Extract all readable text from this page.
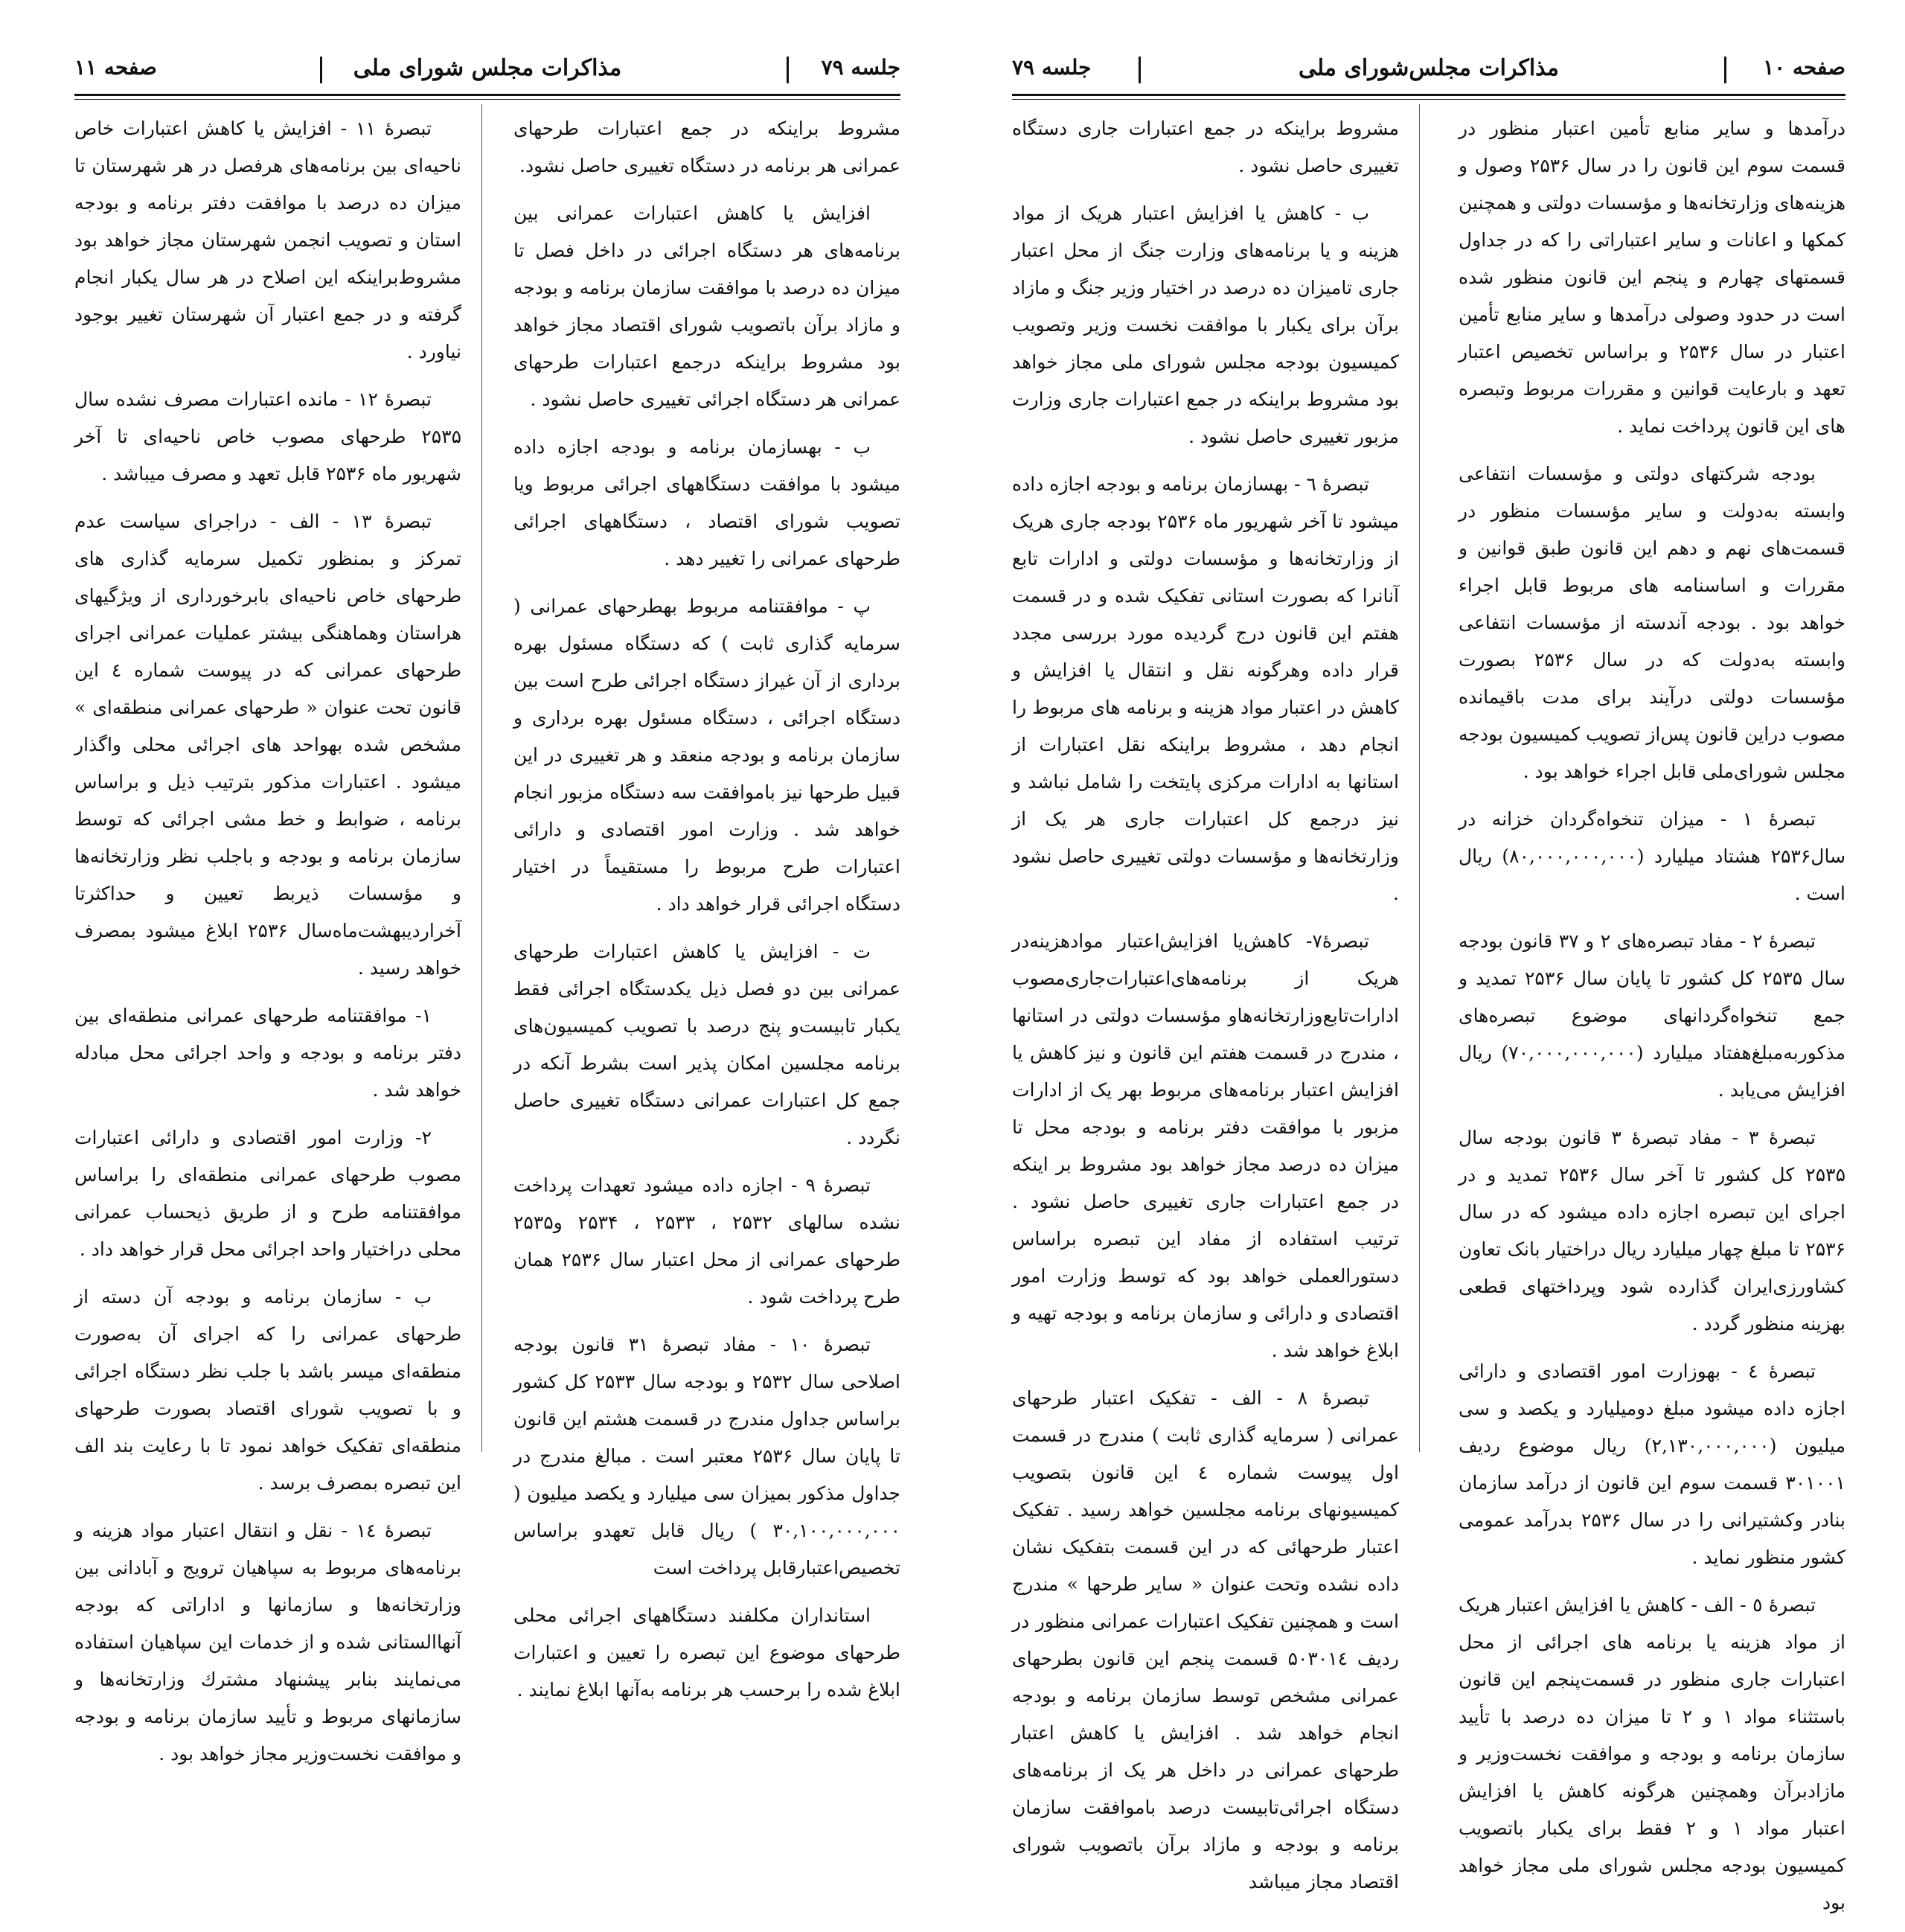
جلسه ۷۹
مذاکرات مجلس شورای ملی
صفحه ۱۱

مشروط براینکه در جمع اعتبارات طرحهای عمرانی هر برنامه در دستگاه تغییری حاصل نشود.

افزایش یا کاهش اعتبارات عمرانی بین برنامه‌های هر دستگاه اجرائی در داخل فصل تا میزان ده درصد با موافقت سازمان برنامه و بودجه و مازاد برآن باتصویب شورای اقتصاد مجاز خواهد بود مشروط براینکه درجمع اعتبارات طرحهای عمرانی هر دستگاه اجرائی تغییری حاصل نشود .

ب - بهسازمان برنامه و بودجه اجازه داده میشود با موافقت دستگاههای اجرائی مربوط ویا تصویب شورای اقتصاد ، دستگاههای اجرائی طرحهای عمرانی را تغییر دهد .

پ - موافقتنامه مربوط بهطرحهای عمرانی ( سرمایه گذاری ثابت ) که دستگاه مسئول بهره برداری از آن غیراز دستگاه اجرائی طرح است بین دستگاه اجرائی ، دستگاه مسئول بهره برداری و سازمان برنامه و بودجه منعقد و هر تغییری در این قبیل طرحها نیز باموافقت سه دستگاه مزبور انجام خواهد شد . وزارت امور اقتصادی و دارائی اعتبارات طرح مربوط را مستقیماً در اختیار دستگاه اجرائی قرار خواهد داد .

ت - افزایش یا کاهش اعتبارات طرحهای عمرانی بین دو فصل ذیل یکدستگاه اجرائی فقط یکبار تابیست‌و پنج درصد با تصویب کمیسیون‌های برنامه مجلسین امکان پذیر است بشرط آنکه در جمع کل اعتبارات عمرانی دستگاه تغییری حاصل نگردد .

تبصرهٔ ۹ - اجازه داده میشود تعهدات پرداخت نشده سالهای ۲۵۳۲ ، ۲۵۳۳ ، ۲۵۳۴ و۲۵۳۵ طرحهای عمرانی از محل اعتبار سال ۲۵۳۶ همان طرح پرداخت شود .

تبصرهٔ ۱۰ - مفاد تبصرهٔ ۳۱ قانون بودجه اصلاحی سال ۲۵۳۲ و بودجه سال ۲۵۳۳ کل کشور براساس جداول مندرج در قسمت هشتم این قانون تا پایان سال ۲۵۳۶ معتبر است . مبالغ مندرج در جداول مذکور بمیزان سی میلیارد و یکصد میلیون ( ۳۰,۱۰۰,۰۰۰,۰۰۰ ) ریال قابل تعهدو براساس تخصیص‌اعتبارقابل پرداخت است

استانداران مکلفند دستگاههای اجرائی محلی طرحهای موضوع این تبصره را تعیین و اعتبارات ابلاغ شده را برحسب هر برنامه به‌آنها ابلاغ نمایند .

تبصرهٔ ۱۱ - افزایش یا کاهش اعتبارات خاص ناحیه‌ای بین برنامه‌های هرفصل در هر شهرستان تا میزان ده درصد با موافقت دفتر برنامه و بودجه استان و تصویب انجمن شهرستان مجاز خواهد بود مشروط‌براینکه این اصلاح در هر سال یکبار انجام گرفته و در جمع اعتبار آن شهرستان تغییر بوجود نیاورد .

تبصرهٔ ۱۲ - مانده اعتبارات مصرف نشده سال ۲۵۳۵ طرحهای مصوب خاص ناحیه‌ای تا آخر شهریور ماه ۲۵۳۶ قابل تعهد و مصرف میباشد .

تبصرهٔ ۱۳ - الف - دراجرای سیاست عدم تمرکز و بمنظور تکمیل سرمایه گذاری های طرحهای خاص ناحیه‌ای بابرخورداری از ویژگیهای هراستان وهماهنگی بیشتر عملیات عمرانی اجرای طرحهای عمرانی که در پیوست شماره ٤ این قانون تحت عنوان « طرحهای عمرانی منطقه‌ای » مشخص شده بهواحد های اجرائی محلی واگذار میشود . اعتبارات مذکور بترتیب ذیل و براساس برنامه ، ضوابط و خط مشی اجرائی که توسط سازمان برنامه و بودجه و باجلب نظر وزارتخانه‌ها و مؤسسات ذیربط تعیین و حداکثرتا آخراردیبهشت‌ماه‌سال ۲۵۳۶ ابلاغ میشود بمصرف خواهد رسید .

۱- موافقتنامه طرحهای عمرانی منطقه‌ای بین دفتر برنامه و بودجه و واحد اجرائی محل مبادله خواهد شد .

۲- وزارت امور اقتصادی و دارائی اعتبارات مصوب طرحهای عمرانی منطقه‌ای را براساس موافقتنامه طرح و از طریق ذیحساب عمرانی محلی دراختیار واحد اجرائی محل قرار خواهد داد .

ب - سازمان برنامه و بودجه آن دسته از طرحهای عمرانی را که اجرای آن به‌صورت منطقه‌ای میسر باشد با جلب نظر دستگاه اجرائی و با تصویب شورای اقتصاد بصورت طرحهای منطقه‌ای تفکیک خواهد نمود تا با رعایت بند الف این تبصره بمصرف برسد .

تبصرهٔ ١٤ - نقل و انتقال اعتبار مواد هزینه و برنامه‌های مربوط به سپاهیان ترویج و آبادانی بین وزارتخانه‌ها و سازمانها و اداراتی که بودجه آنهاالستانی شده و از خدمات این سپاهیان استفاده می‌نمایند بنابر پیشنهاد مشترك وزارتخانه‌ها و سازمانهای مربوط و تأیید سازمان برنامه و بودجه و موافقت نخست‌وزیر مجاز خواهد بود .

صفحه ۱۰
مذاکرات مجلس‌شورای ملی
جلسه ۷۹

درآمدها و سایر منابع تأمین اعتبار منظور در قسمت سوم این قانون را در سال ۲۵۳۶ وصول و هزینه‌های وزارتخانه‌ها و مؤسسات دولتی و همچنین کمکها و اعانات و سایر اعتباراتی را که در جداول قسمتهای چهارم و پنجم این قانون منظور شده است در حدود وصولی درآمدها و سایر منابع تأمین اعتبار در سال ۲۵۳۶ و براساس تخصیص اعتبار تعهد و بارعایت قوانین و مقررات مربوط وتبصره های این قانون پرداخت نماید .

بودجه شرکتهای دولتی و مؤسسات انتفاعی وابسته به‌دولت و سایر مؤسسات منظور در قسمت‌های نهم و دهم این قانون طبق قوانین و مقررات و اساسنامه های مربوط قابل اجراء خواهد بود . بودجه آندسته از مؤسسات انتفاعی وابسته به‌دولت که در سال ۲۵۳۶ بصورت مؤسسات دولتی درآیند برای مدت باقیمانده مصوب دراین قانون پس‌از تصویب کمیسیون بودجه مجلس شورای‌ملی قابل اجراء خواهد بود .

تبصرهٔ ۱ - میزان تنخواه‌گردان خزانه در سال۲۵۳۶ هشتاد میلیارد (۸۰,۰۰۰,۰۰۰,۰۰۰) ریال است .

تبصرهٔ ۲ - مفاد تبصره‌های ۲ و ۳۷ قانون بودجه سال ۲۵۳۵ کل کشور تا پایان سال ۲۵۳۶ تمدید و جمع تنخواه‌گردانهای موضوع تبصره‌های مذکوربه‌مبلغ‌هفتاد میلیارد (۷۰,۰۰۰,۰۰۰,۰۰۰) ریال افزایش می‌یابد .

تبصرهٔ ۳ - مفاد تبصرهٔ ۳ قانون بودجه سال ۲۵۳۵ کل کشور تا آخر سال ۲۵۳۶ تمدید و در اجرای این تبصره اجازه داده میشود که در سال ۲۵۳۶ تا مبلغ چهار میلیارد ریال دراختیار بانک تعاون کشاورزی‌ایران گذارده شود وپرداختهای قطعی بهزینه منظور گردد .

تبصرهٔ ٤ - بهوزارت امور اقتصادی و دارائی اجازه داده میشود مبلغ دومیلیارد و یکصد و سی میلیون (۲,۱۳۰,۰۰۰,۰۰۰) ریال موضوع ردیف ۳۰۱۰۰۱ قسمت سوم این قانون از درآمد سازمان بنادر وکشتیرانی را در سال ۲۵۳۶ بدرآمد عمومی کشور منظور نماید .

تبصرهٔ ٥ - الف - کاهش یا افزایش اعتبار هریک از مواد هزینه یا برنامه های اجرائی از محل اعتبارات جاری منظور در قسمت‌پنجم این قانون باستثناء مواد ۱ و ۲ تا میزان ده درصد با تأیید سازمان برنامه و بودجه و موافقت نخست‌وزیر و مازادبرآن وهمچنین هرگونه کاهش یا افزایش اعتبار مواد ۱ و ۲ فقط برای یکبار باتصویب کمیسیون بودجه مجلس شورای ملی مجاز خواهد بود

مشروط براینکه در جمع اعتبارات جاری دستگاه تغییری حاصل نشود .

ب - کاهش یا افزایش اعتبار هریک از مواد هزینه و یا برنامه‌های وزارت جنگ از محل اعتبار جاری تامیزان ده درصد در اختیار وزیر جنگ و مازاد برآن برای یکبار با موافقت نخست وزیر وتصویب کمیسیون بودجه مجلس شورای ملی مجاز خواهد بود مشروط براینکه در جمع اعتبارات جاری وزارت مزبور تغییری حاصل نشود .

تبصرهٔ ٦ - بهسازمان برنامه و بودجه اجازه داده میشود تا آخر شهریور ماه ۲۵۳۶ بودجه جاری هریک از وزارتخانه‌ها و مؤسسات دولتی و ادارات تابع آنانرا که بصورت استانی تفکیک شده و در قسمت هفتم این قانون درج گردیده مورد بررسی مجدد قرار داده وهرگونه نقل و انتقال یا افزایش و کاهش در اعتبار مواد هزینه و برنامه های مربوط را انجام دهد ، مشروط براینکه نقل اعتبارات از استانها به ادارات مرکزی پایتخت را شامل نباشد و نیز درجمع کل اعتبارات جاری هر یک از وزارتخانه‌ها و مؤسسات دولتی تغییری حاصل نشود .

تبصرهٔ۷- کاهش‌یا افزایش‌اعتبار موادهزینه‌در هریک از برنامه‌های‌اعتبارات‌جاری‌مصوب ادارات‌تابع‌وزارتخانه‌هاو مؤسسات دولتی در استانها ، مندرج در قسمت هفتم این قانون و نیز کاهش یا افزایش اعتبار برنامه‌های مربوط بهر یک از ادارات مزبور با موافقت دفتر برنامه و بودجه محل تا میزان ده درصد مجاز خواهد بود مشروط بر اینکه در جمع اعتبارات جاری تغییری حاصل نشود . ترتیب استفاده از مفاد این تبصره براساس دستورالعملی خواهد بود که توسط وزارت امور اقتصادی و دارائی و سازمان برنامه و بودجه تهیه و ابلاغ خواهد شد .

تبصرهٔ ۸ - الف - تفکیک اعتبار طرحهای عمرانی ( سرمایه گذاری ثابت ) مندرج در قسمت اول پیوست شماره ٤ این قانون بتصویب کمیسیونهای برنامه مجلسین خواهد رسید . تفکیک اعتبار طرحهائی که در این قسمت بتفکیک نشان داده نشده وتحت عنوان « سایر طرحها » مندرج است و همچنین تفکیک اعتبارات عمرانی منظور در ردیف ۵۰۳۰۱٤ قسمت پنجم این قانون بطرحهای عمرانی مشخص توسط سازمان برنامه و بودجه انجام خواهد شد . افزایش یا کاهش اعتبار طرحهای عمرانی در داخل هر یک از برنامه‌های دستگاه اجرائی‌تابیست درصد باموافقت سازمان برنامه و بودجه و مازاد برآن باتصویب شورای اقتصاد مجاز میباشد
